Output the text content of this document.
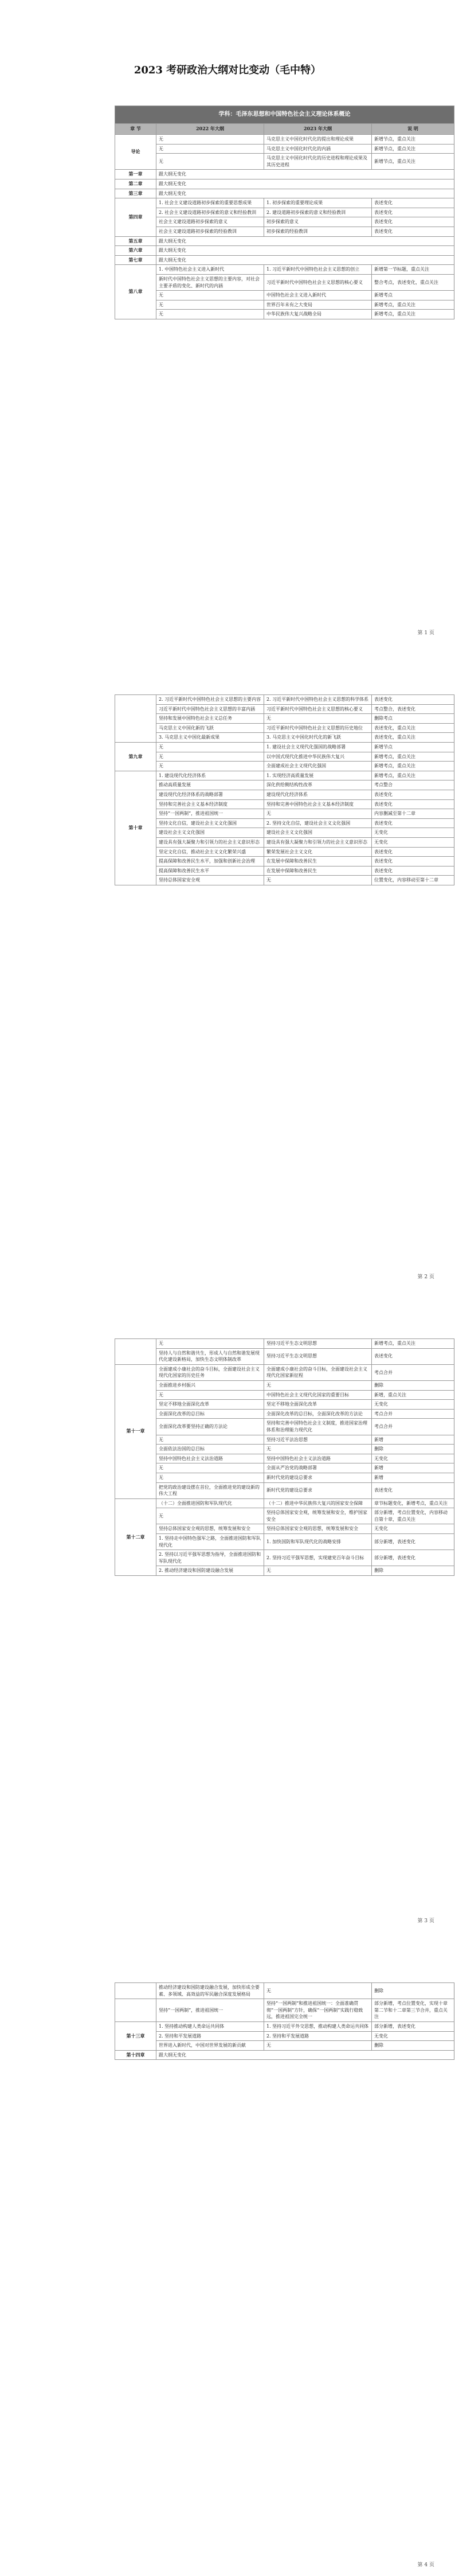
2023 考研政治大纲对比变动（毛中特）
学科：毛泽东思想和中国特色社会主义理论体系概论			
章 节	2022 年大纲	2023 年大纲	说 明
导论	无	马克思主义中国化时代化的提出和理论成果	新增节点，重点关注
	无	马克思主义中国化时代化的内涵	新增节点，重点关注
	无	马克思主义中国化时代化的历史进程和理论成果及其历史进程	新增节点，重点关注
第一章	跟大纲无变化		
第二章	跟大纲无变化		
第三章	跟大纲无变化		
第四章	1. 社会主义建设道路初步探索的重要思想成果	1. 初步探索的重要理论成果	表述变化
	2. 社会主义建设道路初步探索的意义和经验教训	2. 建设道路初步探索的意义和经验教训	表述变化
	社会主义建设道路初步探索的意义	初步探索的意义	表述变化
	社会主义建设道路初步探索的经验教训	初步探索的经验教训	表述变化
第五章	跟大纲无变化		
第六章	跟大纲无变化		
第七章	跟大纲无变化		
第八章	1. 中国特色社会主义进入新时代	1. 习近平新时代中国特色社会主义思想的创立	新增第一节标题，重点关注
	新时代中国特色社会主义思想的主要内容，对社会主要矛盾的变化、新时代的内涵	习近平新时代中国特色社会主义思想的核心要义	整合考点，表述变化，重点关注
	无	中国特色社会主义进入新时代	新增考点
	无	世界百年未有之大变局	新增考点，重点关注
	无	中华民族伟大复兴战略全局	新增考点，重点关注
第 1 页
	2. 习近平新时代中国特色社会主义思想的主要内容	2. 习近平新时代中国特色社会主义思想的科学体系	表述变化
	习近平新时代中国特色社会主义思想的丰富内涵	习近平新时代中国特色社会主义思想的核心要义	考点整合，表述变化
	坚持和发展中国特色社会主义总任务	无	删除考点
	马克思主义中国化新的飞跃	习近平新时代中国特色社会主义思想的历史地位	表述变化，重点关注
	3. 马克思主义中国化最新成果	3. 马克思主义中国化时代化的新飞跃	表述变化，重点关注
第九章	无	1. 建设社会主义现代化强国的战略部署	新增节点
	无	以中国式现代化推进中华民族伟大复兴	新增考点，重点关注
	无	全面建成社会主义现代化强国	新增考点，重点关注
第十章	1. 建设现代化经济体系	1. 实现经济高质量发展	新增考点，重点关注
	推动高质量发展	深化供给侧结构性改革	考点整合
	建设现代化经济体系的战略部署	建设现代化经济体系	表述变化
	坚持和完善社会主义基本经济制度	坚持和完善中国特色社会主义基本经济制度	表述变化
	坚持“一国两制”，推进祖国统一	无	内容删减至第十二章
	坚持文化自信，建设社会主义文化强国	2. 坚持文化自信，建设社会主义文化强国	表述变化
	建设社会主义文化强国	建设社会主义文化强国	无变化
	建设具有强大凝聚力和引领力的社会主义意识形态	建设具有强大凝聚力和引领力的社会主义意识形态	无变化
	坚定文化自信，推动社会主义文化繁荣兴盛	繁荣发展社会主义文化	表述变化
	提高保障和改善民生水平，加强和创新社会治理	在发展中保障和改善民生	表述变化
	提高保障和改善民生水平	在发展中保障和改善民生	表述变化
	坚持总体国家安全观	无	位置变化，内容移动至第十二章
第 2 页
	无	坚持习近平生态文明思想	新增考点，重点关注
	坚持人与自然和谐共生，形成人与自然和谐发展现代化建设新格局，加快生态文明体制改革	坚持习近平生态文明思想	表述变化
第十一章	全面建成小康社会的奋斗目标，全面建设社会主义现代化国家的历史任务	全面建成小康社会的奋斗目标，全面建设社会主义现代化国家新征程	考点合并
	全面推进乡村振兴	无	删除
	无	中国特色社会主义现代化国家的重要目标	新增，重点关注
	坚定不移地全面深化改革	坚定不移地全面深化改革	无变化
	全面深化改革的总目标	全面深化改革的总目标，全面深化改革的方法论	考点合并
	全面深化改革要坚持正确的方法论	坚持和完善中国特色社会主义制度，推进国家治理体系和治理能力现代化	考点合并
	无	坚持习近平法治思想	新增
	全面依法治国的总目标	无	删除
	坚持中国特色社会主义法治道路	坚持中国特色社会主义法治道路	无变化
	无	全面从严治党的战略部署	新增
	无	新时代党的建设总要求	新增
	把党的政治建设摆在首位，全面推进党的建设新的伟大工程	新时代党的建设总要求	表述变化
第十二章	（十二）全面推进国防和军队现代化	（十二）推进中华民族伟大复兴的国家安全保障	章节标题变化，新增考点，重点关注
	无	坚持总体国家安全观，统筹发展和安全，维护国家安全	部分新增，考点位置变化，内容移动自第十章，重点关注
	坚持总体国家安全观的思想，统筹发展和安全	坚持总体国家安全观的思想，统筹发展和安全	无变化
	1. 坚持走中国特色强军之路，全面推进国防和军队现代化	1. 加快国防和军队现代化的战略安排	部分新增，表述变化
	2. 坚持以习近平强军思想为指导，全面推进国防和军队现代化	2. 坚持习近平强军思想，实现建党百年奋斗目标	部分新增，表述变化
	2. 推动经济建设和国防建设融合发展	无	删除
第 3 页
	推动经济建设和国防建设融合发展，加快形成全要素、多领域、高效益的军民融合深度发展格局	无	删除
	坚持“一国两制”，推进祖国统一	坚持“一国两制”和推进祖国统一：全面准确贯彻“一国两制”方针，确保“一国两制”实践行稳致远，推进祖国完全统一	部分新增，考点位置变化，实现十章第二节和十二章第三节合并，重点关注
第十三章	1. 坚持推动构建人类命运共同体	1. 坚持习近平外交思想，推动构建人类命运共同体	部分新增，表述变化
	2. 坚持和平发展道路	2. 坚持和平发展道路	无变化
	世界进入新时代，中国对世界发展的新贡献	无	删除
第十四章	跟大纲无变化		
第 4 页
